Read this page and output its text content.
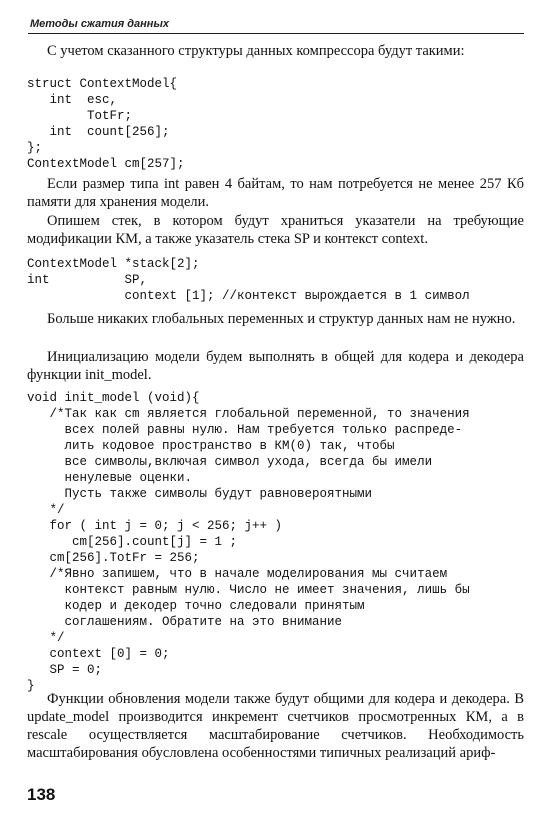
Методы сжатия данных
С учетом сказанного структуры данных компрессора будут такими:
struct ContextModel{
int  esc,
TotFr;
int  count[256];
};
ContextModel cm[257];
Если размер типа int равен 4 байтам, то нам потребуется не менее 257 Кб памяти для хранения модели.
Опишем стек, в котором будут храниться указатели на требующие модификации КМ, а также указатель стека SP и контекст context.
ContextModel *stack[2];
int          SP,
context [1]; //контекст вырождается в 1 символ
Больше никаких глобальных переменных и структур данных нам не нужно.
Инициализацию модели будем выполнять в общей для кодера и декодера функции init_model.
void init_model (void){
/*Так как cm является глобальной переменной, то значения
всех полей равны нулю. Нам требуется только распреде-
лить кодовое пространство в КМ(0) так, чтобы
все символы,включая символ ухода, всегда бы имели
ненулевые оценки.
Пусть также символы будут равновероятными
*/
for ( int j = 0; j < 256; j++ )
cm[256].count[j] = 1 ;
cm[256].TotFr = 256;
/*Явно запишем, что в начале моделирования мы считаем
контекст равным нулю. Число не имеет значения, лишь бы
кодер и декодер точно следовали принятым
соглашениям. Обратите на это внимание
*/
context [0] = 0;
SP = 0;
}
Функции обновления модели также будут общими для кодера и декодера. В update_model производится инкремент счетчиков просмотренных КМ, а в rescale осуществляется масштабирование счетчиков. Необходимость масштабирования обусловлена особенностями типичных реализаций ариф-
138
